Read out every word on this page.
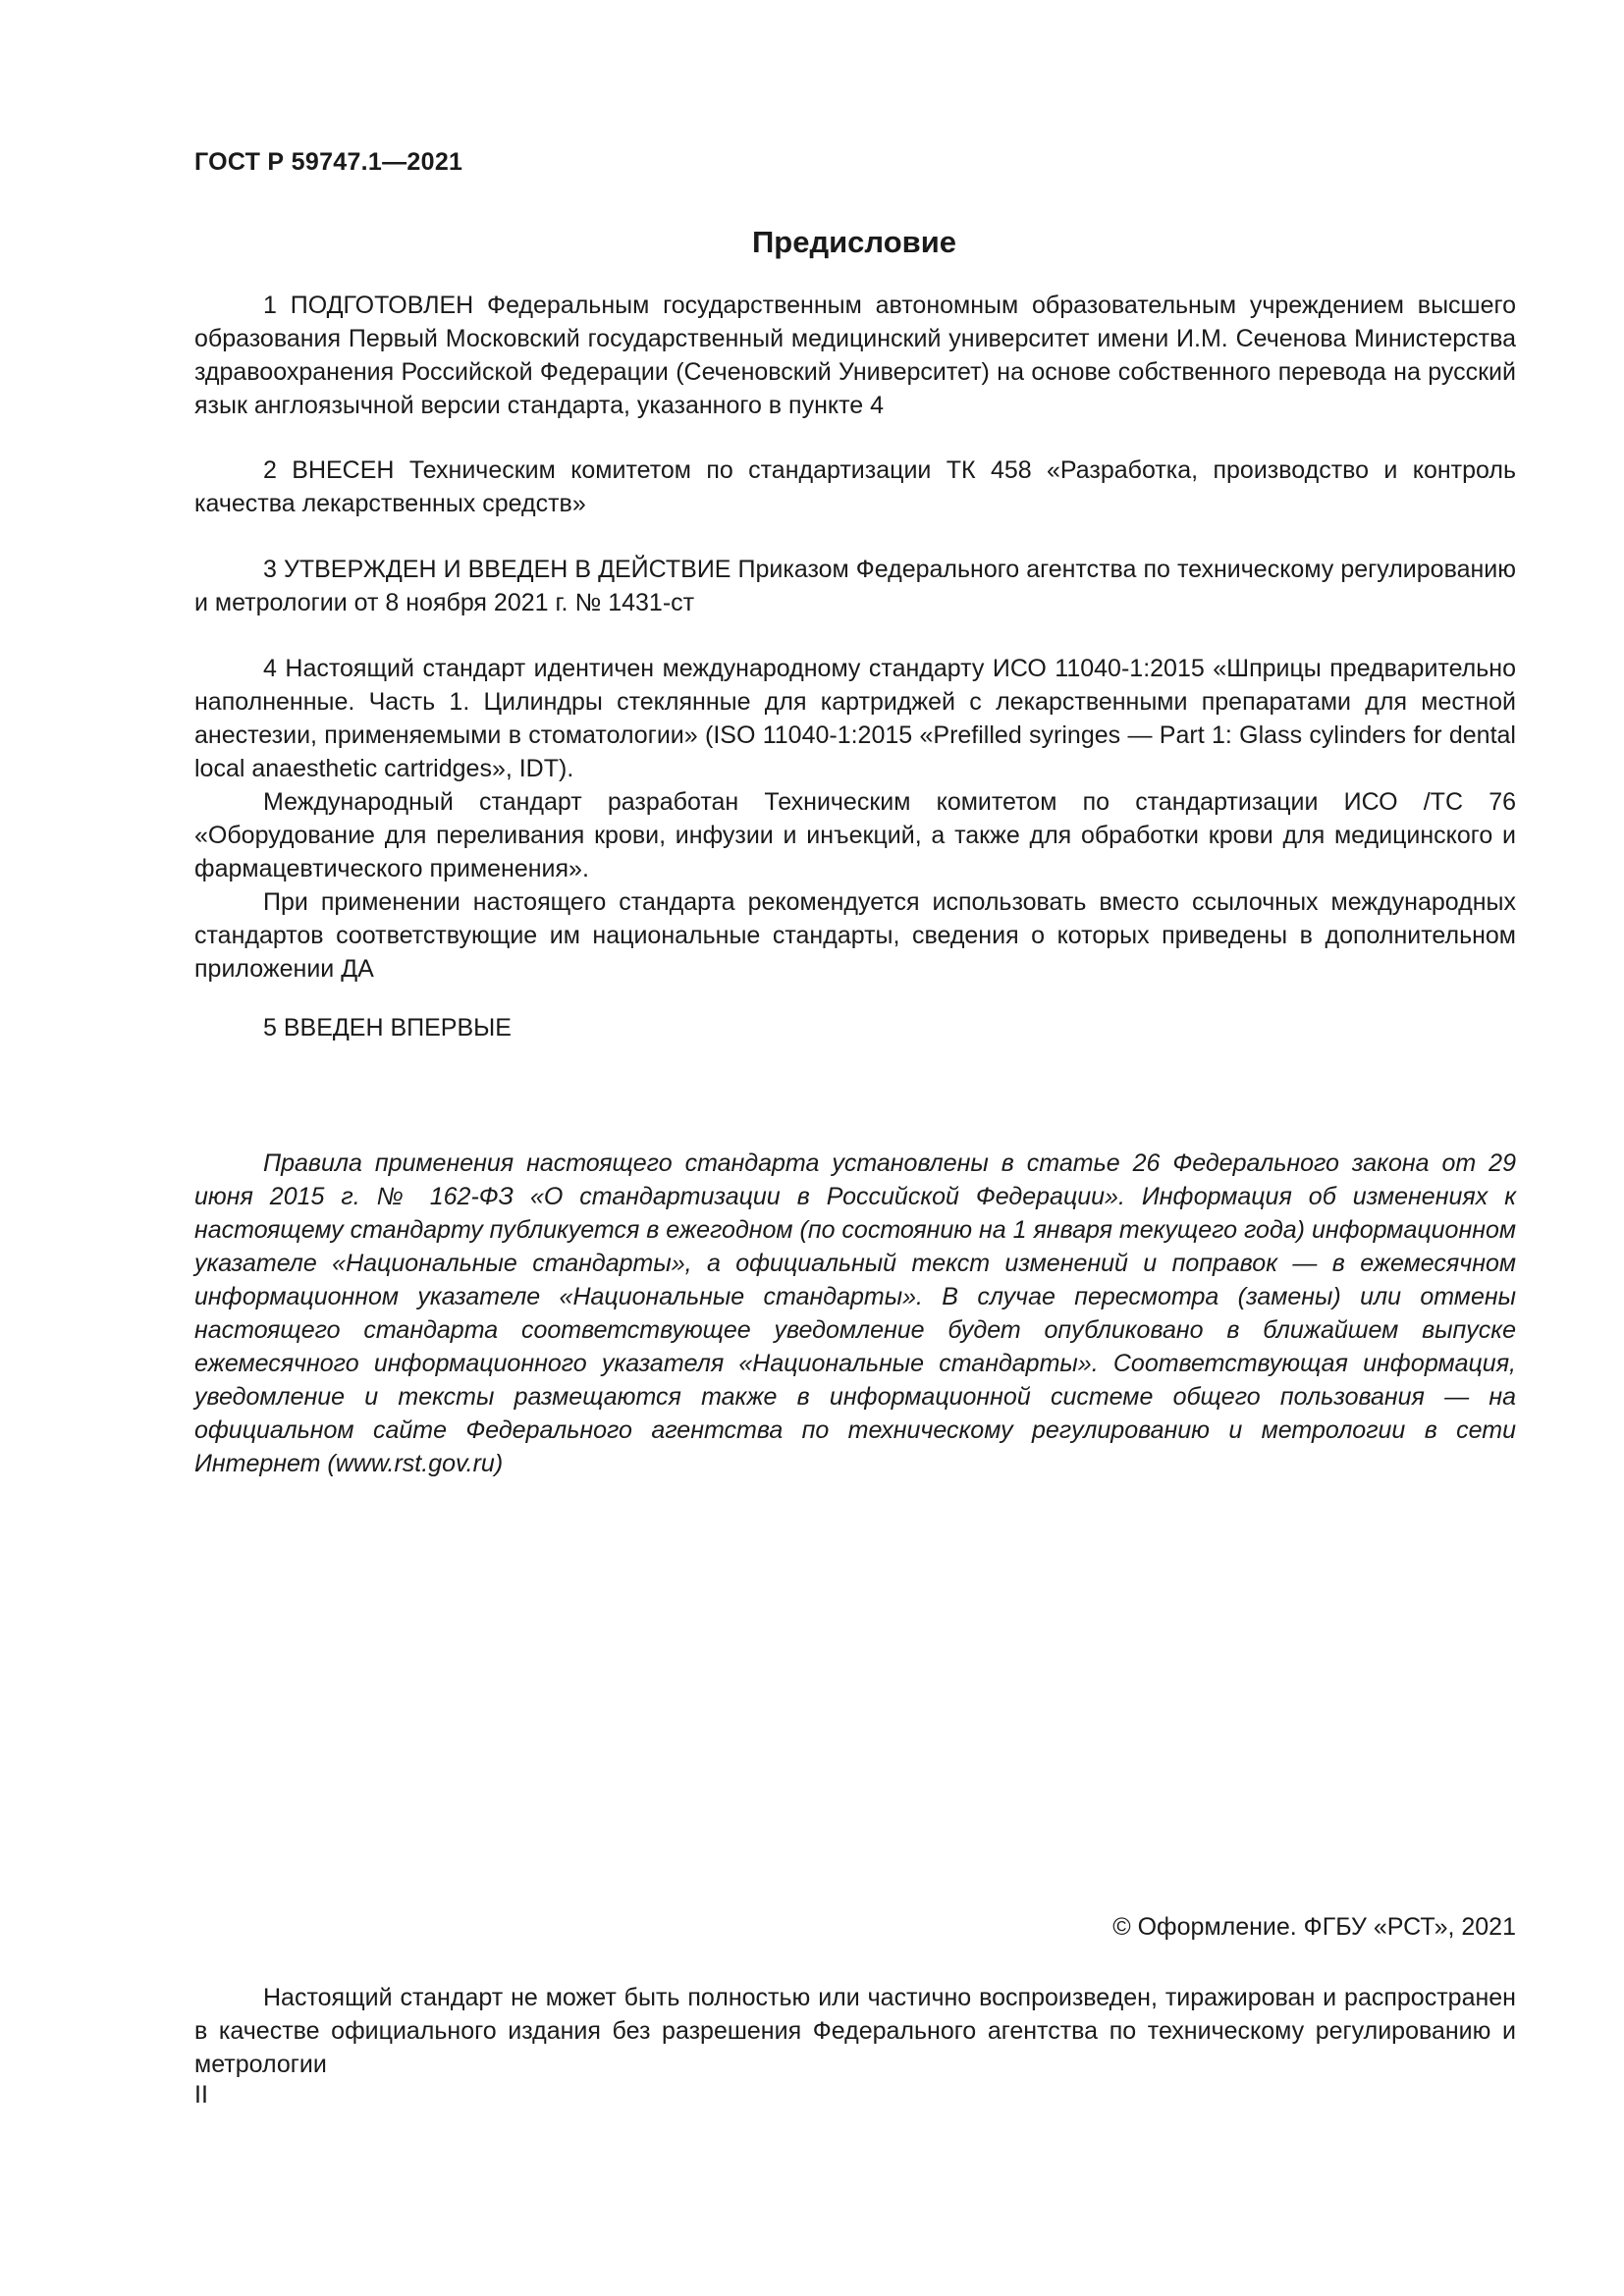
ГОСТ Р 59747.1—2021
Предисловие

1 ПОДГОТОВЛЕН Федеральным государственным автономным образовательным учреждением высшего образования Первый Московский государственный медицинский университет имени И.М. Сеченова Министерства здравоохранения Российской Федерации (Сеченовский Университет) на основе собственного перевода на русский язык англоязычной версии стандарта, указанного в пункте 4

2 ВНЕСЕН Техническим комитетом по стандартизации ТК 458 «Разработка, производство и контроль качества лекарственных средств»

3 УТВЕРЖДЕН И ВВЕДЕН В ДЕЙСТВИЕ Приказом Федерального агентства по техническому регулированию и метрологии от 8 ноября 2021 г. № 1431-ст

4 Настоящий стандарт идентичен международному стандарту ИСО 11040-1:2015 «Шприцы предварительно наполненные. Часть 1. Цилиндры стеклянные для картриджей с лекарственными препаратами для местной анестезии, применяемыми в стоматологии» (ISO 11040-1:2015 «Prefilled syringes — Part 1: Glass cylinders for dental local anaesthetic cartridges», IDT).

Международный стандарт разработан Техническим комитетом по стандартизации ИСО /TC 76 «Оборудование для переливания крови, инфузии и инъекций, а также для обработки крови для медицинского и фармацевтического применения».

При применении настоящего стандарта рекомендуется использовать вместо ссылочных международных стандартов соответствующие им национальные стандарты, сведения о которых приведены в дополнительном приложении ДА

5 ВВЕДЕН ВПЕРВЫЕ

Правила применения настоящего стандарта установлены в статье 26 Федерального закона от 29 июня 2015 г. № 162-ФЗ «О стандартизации в Российской Федерации». Информация об изменениях к настоящему стандарту публикуется в ежегодном (по состоянию на 1 января текущего года) информационном указателе «Национальные стандарты», а официальный текст изменений и поправок — в ежемесячном информационном указателе «Национальные стандарты». В случае пересмотра (замены) или отмены настоящего стандарта соответствующее уведомление будет опубликовано в ближайшем выпуске ежемесячного информационного указателя «Национальные стандарты». Соответствующая информация, уведомление и тексты размещаются также в информационной системе общего пользования — на официальном сайте Федерального агентства по техническому регулированию и метрологии в сети Интернет (www.rst.gov.ru)

© Оформление. ФГБУ «РСТ», 2021

Настоящий стандарт не может быть полностью или частично воспроизведен, тиражирован и распространен в качестве официального издания без разрешения Федерального агентства по техническому регулированию и метрологии

II
